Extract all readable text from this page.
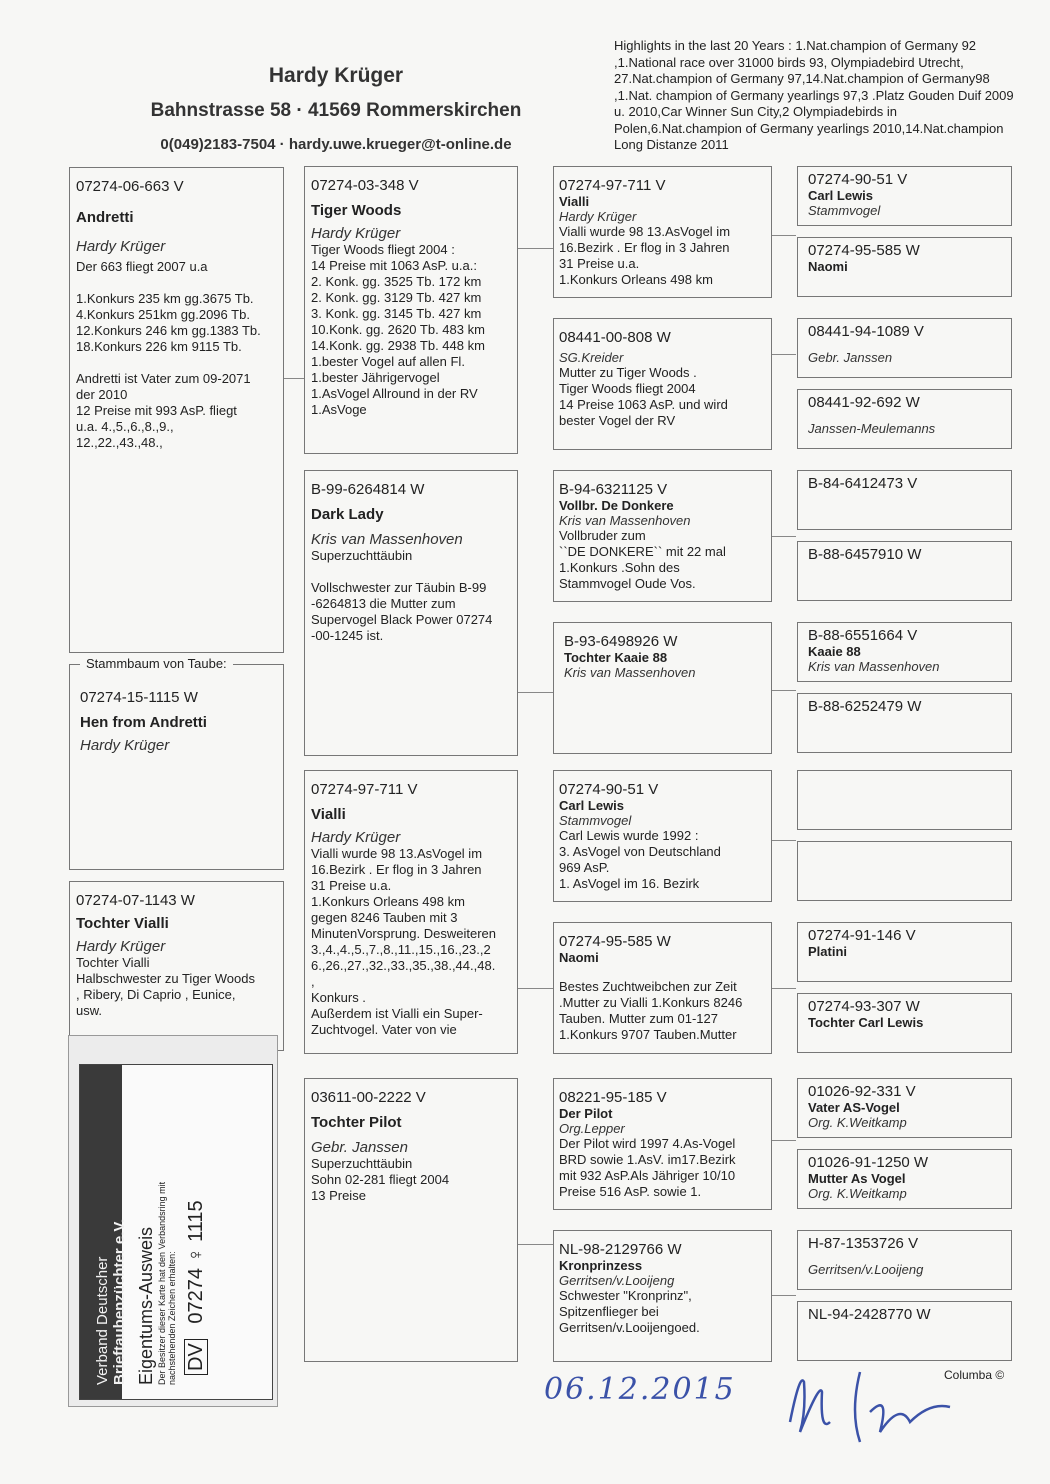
Hardy Krüger
Bahnstrasse 58 · 41569 Rommerskirchen
0(049)2183-7504 · hardy.uwe.krueger@t-online.de
Highlights in the last 20 Years : 1.Nat.champion of Germany 92 ,1.National race over 31000 birds 93, Olympiadebird Utrecht, 27.Nat.champion of Germany 97,14.Nat.champion of Germany98 ,1.Nat. champion of Germany yearlings 97,3 .Platz Gouden Duif 2009 u. 2010,Car Winner Sun City,2 Olympiadebirds in Polen,6.Nat.champion of Germany yearlings 2010,14.Nat.champion Long Distanze 2011
07274-06-663 V
Andretti
Hardy Krüger
Der 663 fliegt 2007 u.a

1.Konkurs 235 km gg.3675 Tb.
4.Konkurs 251km gg.2096 Tb.
12.Konkurs 246 km gg.1383 Tb.
18.Konkurs 226 km 9115 Tb.

Andretti ist Vater zum 09-2071
der 2010
12 Preise mit 993 AsP. fliegt
u.a. 4.,5.,6.,8.,9.,
12.,22.,43.,48.,
07274-15-1115 W
Hen from Andretti
Hardy Krüger
Stammbaum von Taube:
07274-07-1143 W
Tochter Vialli
Hardy Krüger
Tochter Vialli
Halbschwester zu Tiger Woods
, Ribery, Di Caprio , Eunice,
usw.
07274-03-348 V
Tiger Woods
Hardy Krüger
Tiger Woods fliegt 2004 :
14 Preise mit 1063 AsP. u.a.:
2. Konk. gg. 3525 Tb. 172 km
2. Konk. gg. 3129 Tb. 427 km
3. Konk. gg. 3145 Tb. 427 km
10.Konk. gg. 2620 Tb. 483 km
14.Konk. gg. 2938 Tb. 448 km
1.bester Vogel auf allen Fl.
1.bester Jährigervogel
1.AsVogel Allround in der RV
1.AsVoge
B-99-6264814 W
Dark Lady
Kris van Massenhoven
Superzuchttäubin

Vollschwester zur Täubin B-99
-6264813 die Mutter zum
Supervogel Black Power 07274
-00-1245 ist.
07274-97-711 V
Vialli
Hardy Krüger
Vialli wurde 98 13.AsVogel im
16.Bezirk . Er flog in 3 Jahren
31 Preise u.a.
1.Konkurs Orleans 498 km
gegen 8246 Tauben mit 3
MinutenVorsprung. Desweiteren
3.,4.,4.,5.,7.,8.,11.,15.,16.,23.,2
6.,26.,27.,32.,33.,35.,38.,44.,48.
,
Konkurs .
Außerdem ist Vialli ein Super-
Zuchtvogel. Vater von vie
03611-00-2222 V
Tochter Pilot
Gebr. Janssen
Superzuchttäubin
Sohn 02-281 fliegt 2004
13 Preise
07274-97-711 V
Vialli
Hardy Krüger
Vialli wurde 98 13.AsVogel im
16.Bezirk . Er flog in 3 Jahren
31 Preise u.a.
1.Konkurs Orleans 498 km
08441-00-808 W
SG.Kreider
Mutter zu Tiger Woods .
Tiger Woods fliegt 2004
14 Preise 1063 AsP. und wird
bester Vogel der RV
B-94-6321125 V
Vollbr. De Donkere
Kris van Massenhoven
Vollbruder zum
``DE DONKERE`` mit 22 mal
1.Konkurs .Sohn des
Stammvogel Oude Vos.
B-93-6498926 W
Tochter Kaaie 88
Kris van Massenhoven
07274-90-51 V
Carl Lewis
Stammvogel
Carl Lewis wurde 1992 :
3. AsVogel von Deutschland
969 AsP.
1. AsVogel im 16. Bezirk
07274-95-585 W
Naomi
Bestes Zuchtweibchen zur Zeit
.Mutter zu Vialli 1.Konkurs 8246
Tauben. Mutter zum 01-127
1.Konkurs 9707 Tauben.Mutter
08221-95-185 V
Der Pilot
Org.Lepper
Der Pilot wird 1997 4.As-Vogel
BRD sowie 1.AsV. im17.Bezirk
mit 932 AsP.Als Jähriger 10/10
Preise 516 AsP. sowie 1.
NL-98-2129766 W
Kronprinzess
Gerritsen/v.Looijeng
Schwester "Kronprinz",
Spitzenflieger bei
Gerritsen/v.Looijengoed.
07274-90-51 V
Carl Lewis
Stammvogel
07274-95-585 W
Naomi
08441-94-1089 V
Gebr. Janssen
08441-92-692 W
Janssen-Meulemanns
B-84-6412473 V
B-88-6457910 W
B-88-6551664 V
Kaaie 88
Kris van Massenhoven
B-88-6252479 W
07274-91-146 V
Platini
07274-93-307 W
Tochter Carl Lewis
01026-92-331 V
Vater AS-Vogel
Org. K.Weitkamp
01026-91-1250 W
Mutter As Vogel
Org. K.Weitkamp
H-87-1353726 V
Gerritsen/v.Looijeng
NL-94-2428770 W
Verband Deutscher Brieftaubenzüchter e.V. Eigentums-Ausweis Der Besitzer dieser Karte hat den Verbandsring mit nachstehenden Zeichen erhalten: DV 07274 ♀ 1115
06.12.2015	Columba ©
